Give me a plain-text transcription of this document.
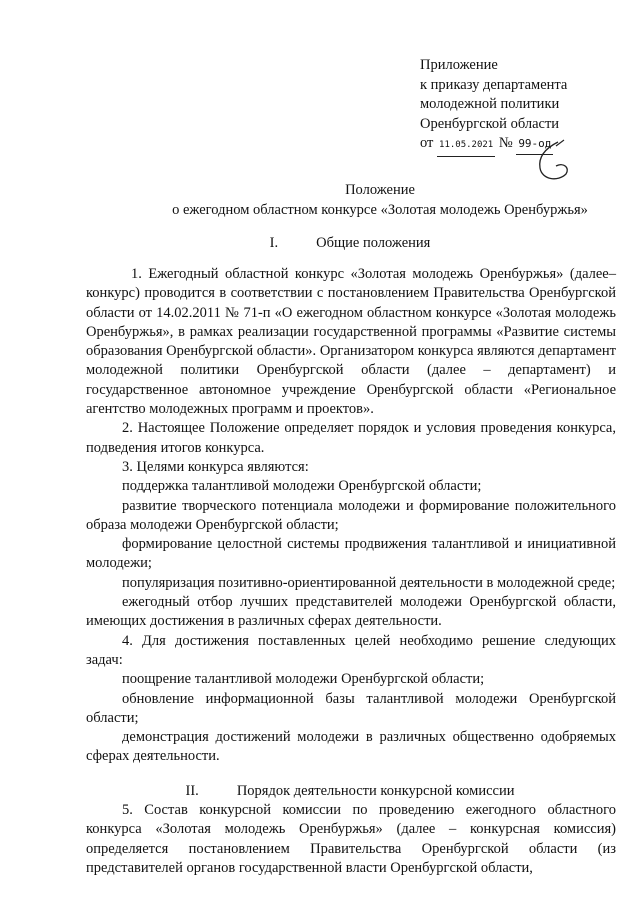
Приложение
к приказу департамента
молодежной политики
Оренбургской области
от 11.05.2021 № 99-од
Положение
о ежегодном областном конкурсе «Золотая молодежь Оренбуржья»
I.	Общие положения

1. Ежегодный областной конкурс «Золотая молодежь Оренбуржья» (далее–конкурс) проводится в соответствии с постановлением Правительства Оренбургской области от 14.02.2011 № 71-п «О ежегодном областном конкурсе «Золотая молодежь Оренбуржья», в рамках реализации государственной программы «Развитие системы образования Оренбургской области». Организатором конкурса являются департамент молодежной политики Оренбургской области (далее – департамент) и государственное автономное учреждение Оренбургской области «Региональное агентство молодежных программ и проектов».

2. Настоящее Положение определяет порядок и условия проведения конкурса, подведения итогов конкурса.

3. Целями конкурса являются:

поддержка талантливой молодежи Оренбургской области;

развитие творческого потенциала молодежи и формирование положительного образа молодежи Оренбургской области;

формирование целостной системы продвижения талантливой и инициативной молодежи;

популяризация позитивно-ориентированной деятельности в молодежной среде;

ежегодный отбор лучших представителей молодежи Оренбургской области, имеющих достижения в различных сферах деятельности.

4. Для достижения поставленных целей необходимо решение следующих задач:

поощрение талантливой молодежи Оренбургской области;

обновление информационной базы талантливой молодежи Оренбургской области;

демонстрация достижений молодежи в различных общественно одобряемых сферах деятельности.

II.	Порядок деятельности конкурсной комиссии

5. Состав конкурсной комиссии по проведению ежегодного областного конкурса «Золотая молодежь Оренбуржья» (далее – конкурсная комиссия) определяется постановлением Правительства Оренбургской области (из представителей органов государственной власти Оренбургской области,
